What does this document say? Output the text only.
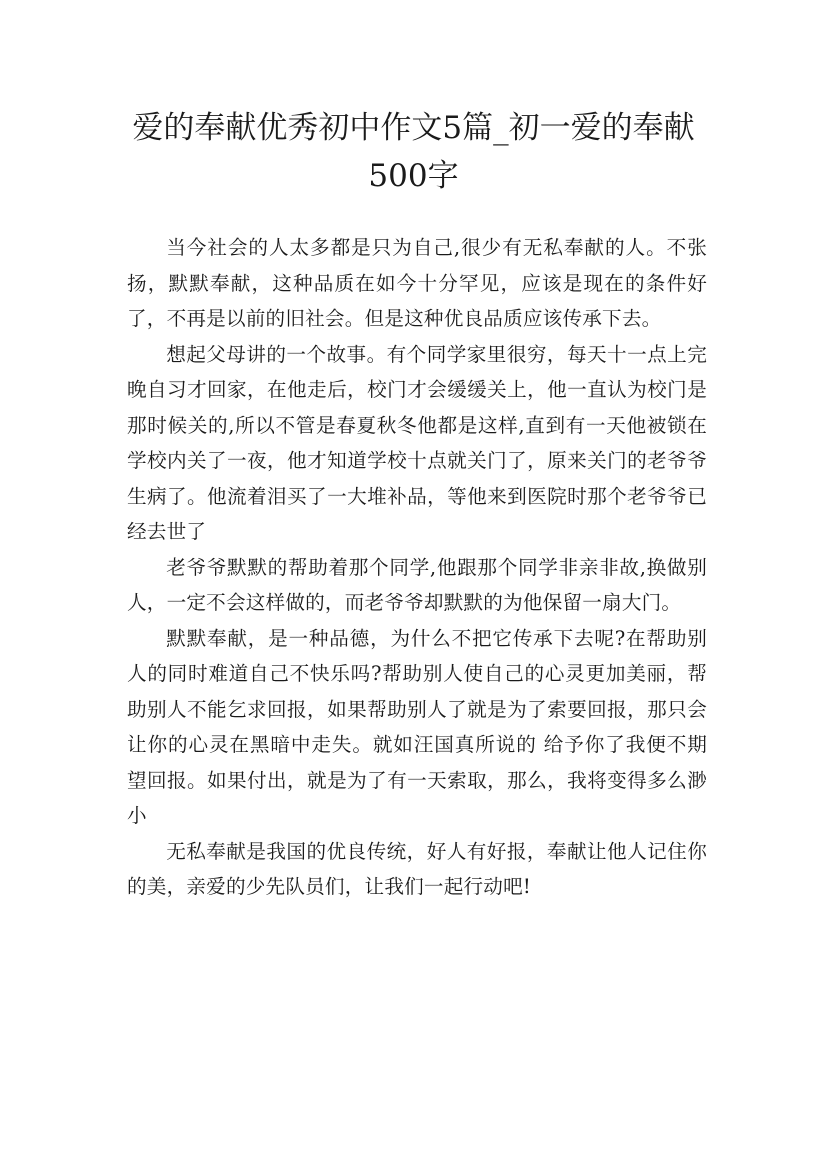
爱的奉献优秀初中作文5篇_初一爱的奉献
500字

当今社会的人太多都是只为自己,很少有无私奉献的人。不张扬，默默奉献，这种品质在如今十分罕见，应该是现在的条件好了，不再是以前的旧社会。但是这种优良品质应该传承下去。

想起父母讲的一个故事。有个同学家里很穷，每天十一点上完晚自习才回家，在他走后，校门才会缓缓关上，他一直认为校门是那时候关的,所以不管是春夏秋冬他都是这样,直到有一天他被锁在学校内关了一夜，他才知道学校十点就关门了，原来关门的老爷爷生病了。他流着泪买了一大堆补品，等他来到医院时那个老爷爷已经去世了

老爷爷默默的帮助着那个同学,他跟那个同学非亲非故,换做别人，一定不会这样做的，而老爷爷却默默的为他保留一扇大门。

默默奉献，是一种品德，为什么不把它传承下去呢?在帮助别人的同时难道自己不快乐吗?帮助别人使自己的心灵更加美丽，帮助别人不能乞求回报，如果帮助别人了就是为了索要回报，那只会让你的心灵在黑暗中走失。就如汪国真所说的 给予你了我便不期望回报。如果付出，就是为了有一天索取，那么，我将变得多么渺小

无私奉献是我国的优良传统，好人有好报，奉献让他人记住你的美，亲爱的少先队员们，让我们一起行动吧!
